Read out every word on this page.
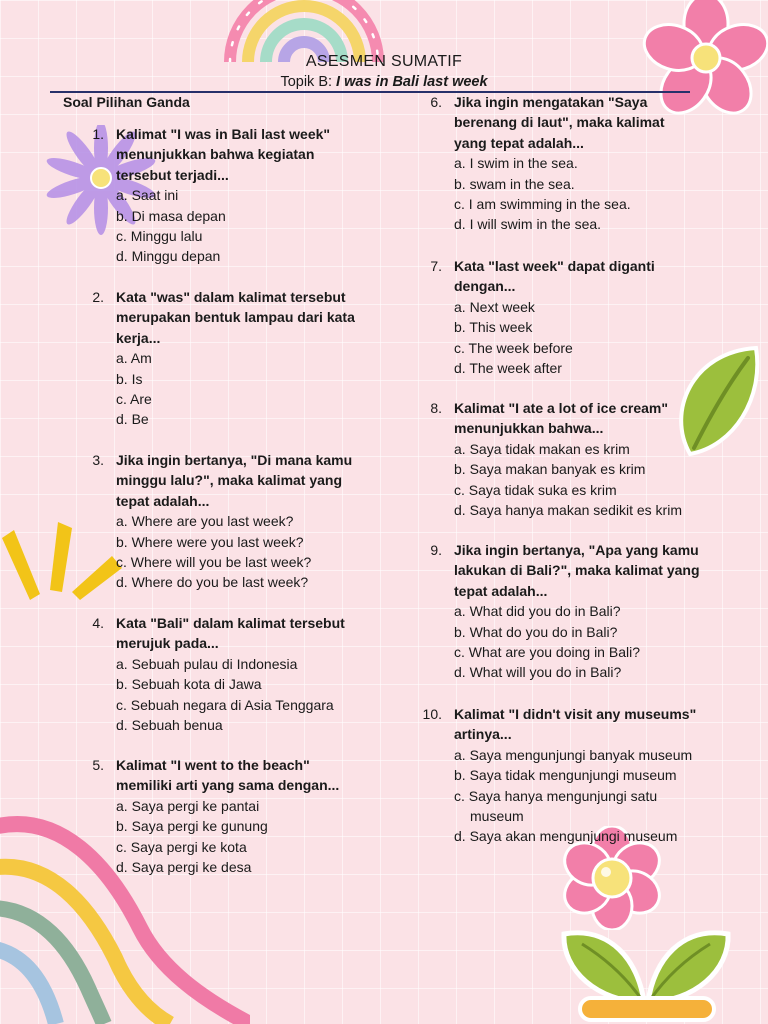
ASESMEN SUMATIF
Topik B: I was in Bali last week
Soal Pilihan Ganda
1. Kalimat "I was in Bali last week"
menunjukkan bahwa kegiatan
tersebut terjadi...
a. Saat ini
b. Di masa depan
c. Minggu lalu
d. Minggu depan
2. Kata "was" dalam kalimat tersebut
merupakan bentuk lampau dari kata
kerja...
a. Am
b. Is
c. Are
d. Be
3. Jika ingin bertanya, "Di mana kamu
minggu lalu?", maka kalimat yang
tepat adalah...
a. Where are you last week?
b. Where were you last week?
c. Where will you be last week?
d. Where do you be last week?
4. Kata "Bali" dalam kalimat tersebut
merujuk pada...
a. Sebuah pulau di Indonesia
b. Sebuah kota di Jawa
c. Sebuah negara di Asia Tenggara
d. Sebuah benua
5. Kalimat "I went to the beach"
memiliki arti yang sama dengan...
a. Saya pergi ke pantai
b. Saya pergi ke gunung
c. Saya pergi ke kota
d. Saya pergi ke desa
6. Jika ingin mengatakan "Saya
berenang di laut", maka kalimat
yang tepat adalah...
a. I swim in the sea.
b. swam in the sea.
c. I am swimming in the sea.
d. I will swim in the sea.
7. Kata "last week" dapat diganti
dengan...
a. Next week
b. This week
c. The week before
d. The week after
8. Kalimat "I ate a lot of ice cream"
menunjukkan bahwa...
a. Saya tidak makan es krim
b. Saya makan banyak es krim
c. Saya tidak suka es krim
d. Saya hanya makan sedikit es krim
9. Jika ingin bertanya, "Apa yang kamu
lakukan di Bali?", maka kalimat yang
tepat adalah...
a. What did you do in Bali?
b. What do you do in Bali?
c. What are you doing in Bali?
d. What will you do in Bali?
10. Kalimat "I didn't visit any museums"
artinya...
a. Saya mengunjungi banyak museum
b. Saya tidak mengunjungi museum
c. Saya hanya mengunjungi satu
museum
d. Saya akan mengunjungi museum
